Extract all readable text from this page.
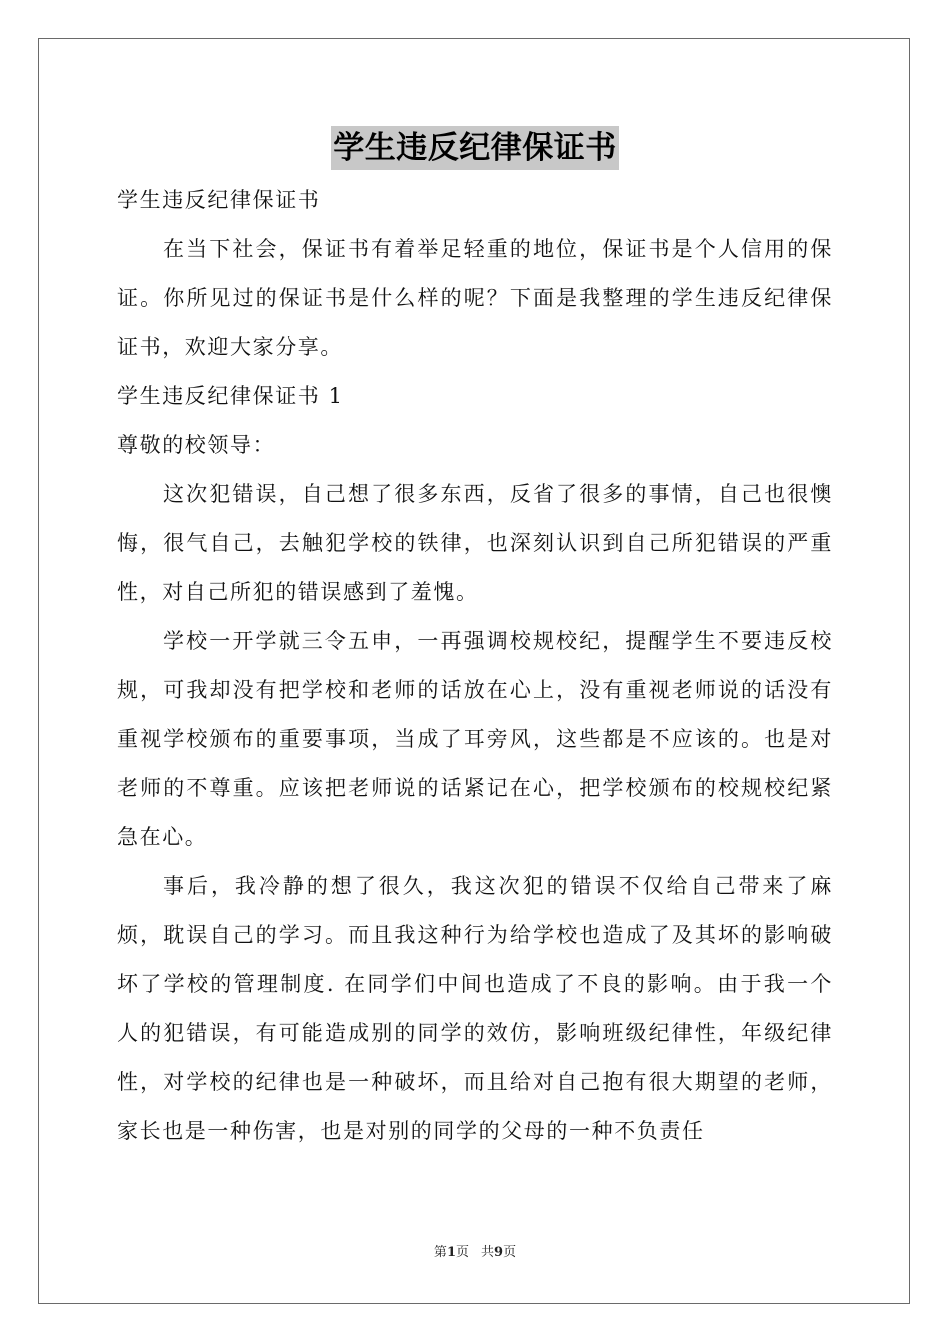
学生违反纪律保证书

学生违反纪律保证书

在当下社会，保证书有着举足轻重的地位，保证书是个人信用的保证。你所见过的保证书是什么样的呢？下面是我整理的学生违反纪律保证书，欢迎大家分享。

学生违反纪律保证书 1

尊敬的校领导：

这次犯错误，自己想了很多东西，反省了很多的事情，自己也很懊悔，很气自己，去触犯学校的铁律，也深刻认识到自己所犯错误的严重性，对自己所犯的错误感到了羞愧。

学校一开学就三令五申，一再强调校规校纪，提醒学生不要违反校规，可我却没有把学校和老师的话放在心上，没有重视老师说的话没有重视学校颁布的重要事项，当成了耳旁风，这些都是不应该的。也是对老师的不尊重。应该把老师说的话紧记在心，把学校颁布的校规校纪紧急在心。

事后，我冷静的想了很久，我这次犯的错误不仅给自己带来了麻烦，耽误自己的学习。而且我这种行为给学校也造成了及其坏的影响破坏了学校的管理制度. 在同学们中间也造成了不良的影响。由于我一个人的犯错误，有可能造成别的同学的效仿，影响班级纪律性，年级纪律性，对学校的纪律也是一种破坏，而且给对自己抱有很大期望的老师，家长也是一种伤害，也是对别的同学的父母的一种不负责任

第1页 共9页
